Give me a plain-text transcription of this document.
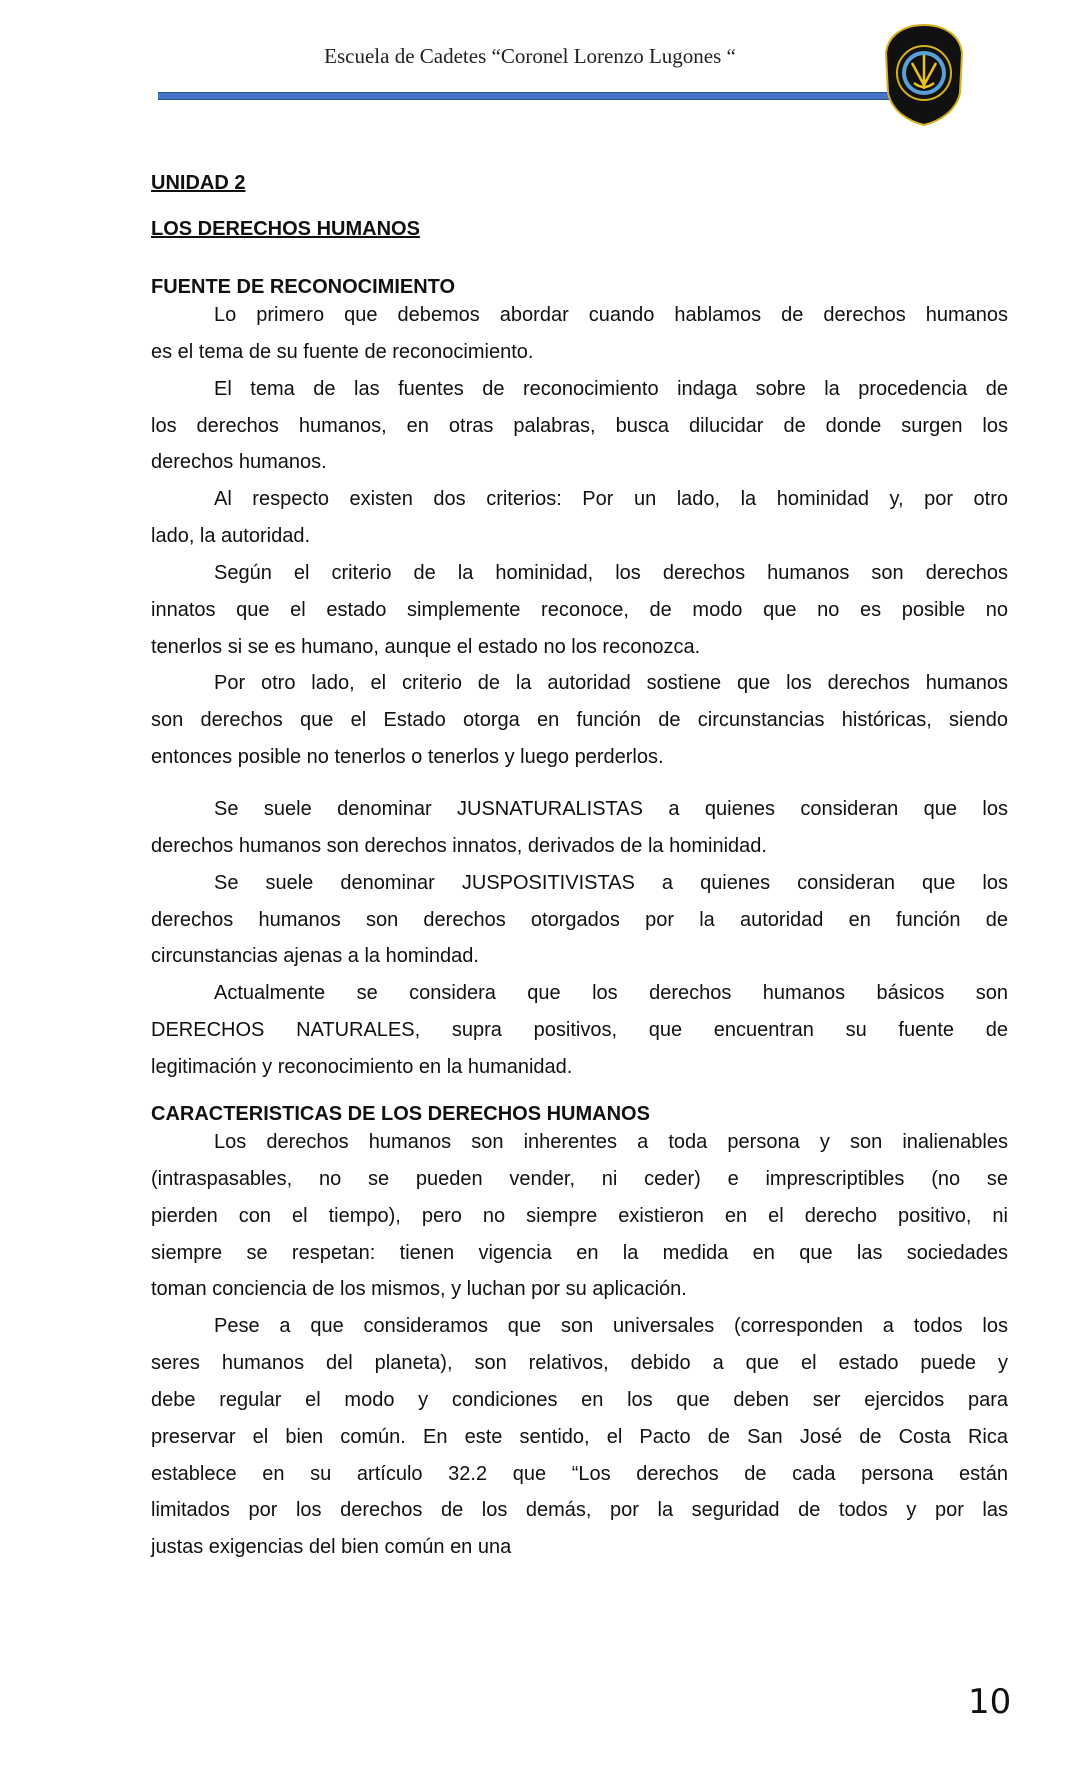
Escuela de Cadetes “Coronel Lorenzo Lugones “
UNIDAD 2
LOS DERECHOS HUMANOS
FUENTE DE RECONOCIMIENTO
Lo primero que debemos abordar cuando hablamos de derechos humanos
es el tema de su fuente de reconocimiento.
El tema de las fuentes de reconocimiento indaga sobre la procedencia de
los derechos humanos, en otras palabras, busca dilucidar de donde surgen los
derechos humanos.
Al respecto existen dos criterios: Por un lado, la hominidad y, por otro
lado, la autoridad.
Según el criterio de la hominidad, los derechos humanos son derechos
innatos que el estado simplemente reconoce, de modo que no es posible no
tenerlos si se es humano, aunque el estado no los reconozca.
Por otro lado, el criterio de la autoridad sostiene que los derechos humanos
son derechos que el Estado otorga en función de circunstancias históricas, siendo
entonces posible no tenerlos o tenerlos y luego perderlos.
Se suele denominar JUSNATURALISTAS a quienes consideran que los
derechos humanos son derechos innatos, derivados de la hominidad.
Se suele denominar JUSPOSITIVISTAS a quienes consideran que los
derechos humanos son derechos otorgados por la autoridad en función de
circunstancias ajenas a la homindad.
Actualmente se considera que los derechos humanos básicos son
DERECHOS NATURALES, supra positivos, que encuentran su fuente de
legitimación y reconocimiento en la humanidad.
CARACTERISTICAS DE LOS DERECHOS HUMANOS
Los derechos humanos son inherentes a toda persona y son inalienables
(intraspasables, no se pueden vender, ni ceder) e imprescriptibles (no se
pierden con el tiempo), pero no siempre existieron en el derecho positivo, ni
siempre se respetan: tienen vigencia en la medida en que las sociedades
toman conciencia de los mismos, y luchan por su aplicación.
Pese a que consideramos que son universales (corresponden a todos los
seres humanos del planeta), son relativos, debido a que el estado puede y
debe regular el modo y condiciones en los que deben ser ejercidos para
preservar el bien común. En este sentido, el Pacto de San José de Costa Rica
establece en su artículo 32.2 que “Los derechos de cada persona están
limitados por los derechos de los demás, por la seguridad de todos y por las
justas exigencias del bien común en una
10
